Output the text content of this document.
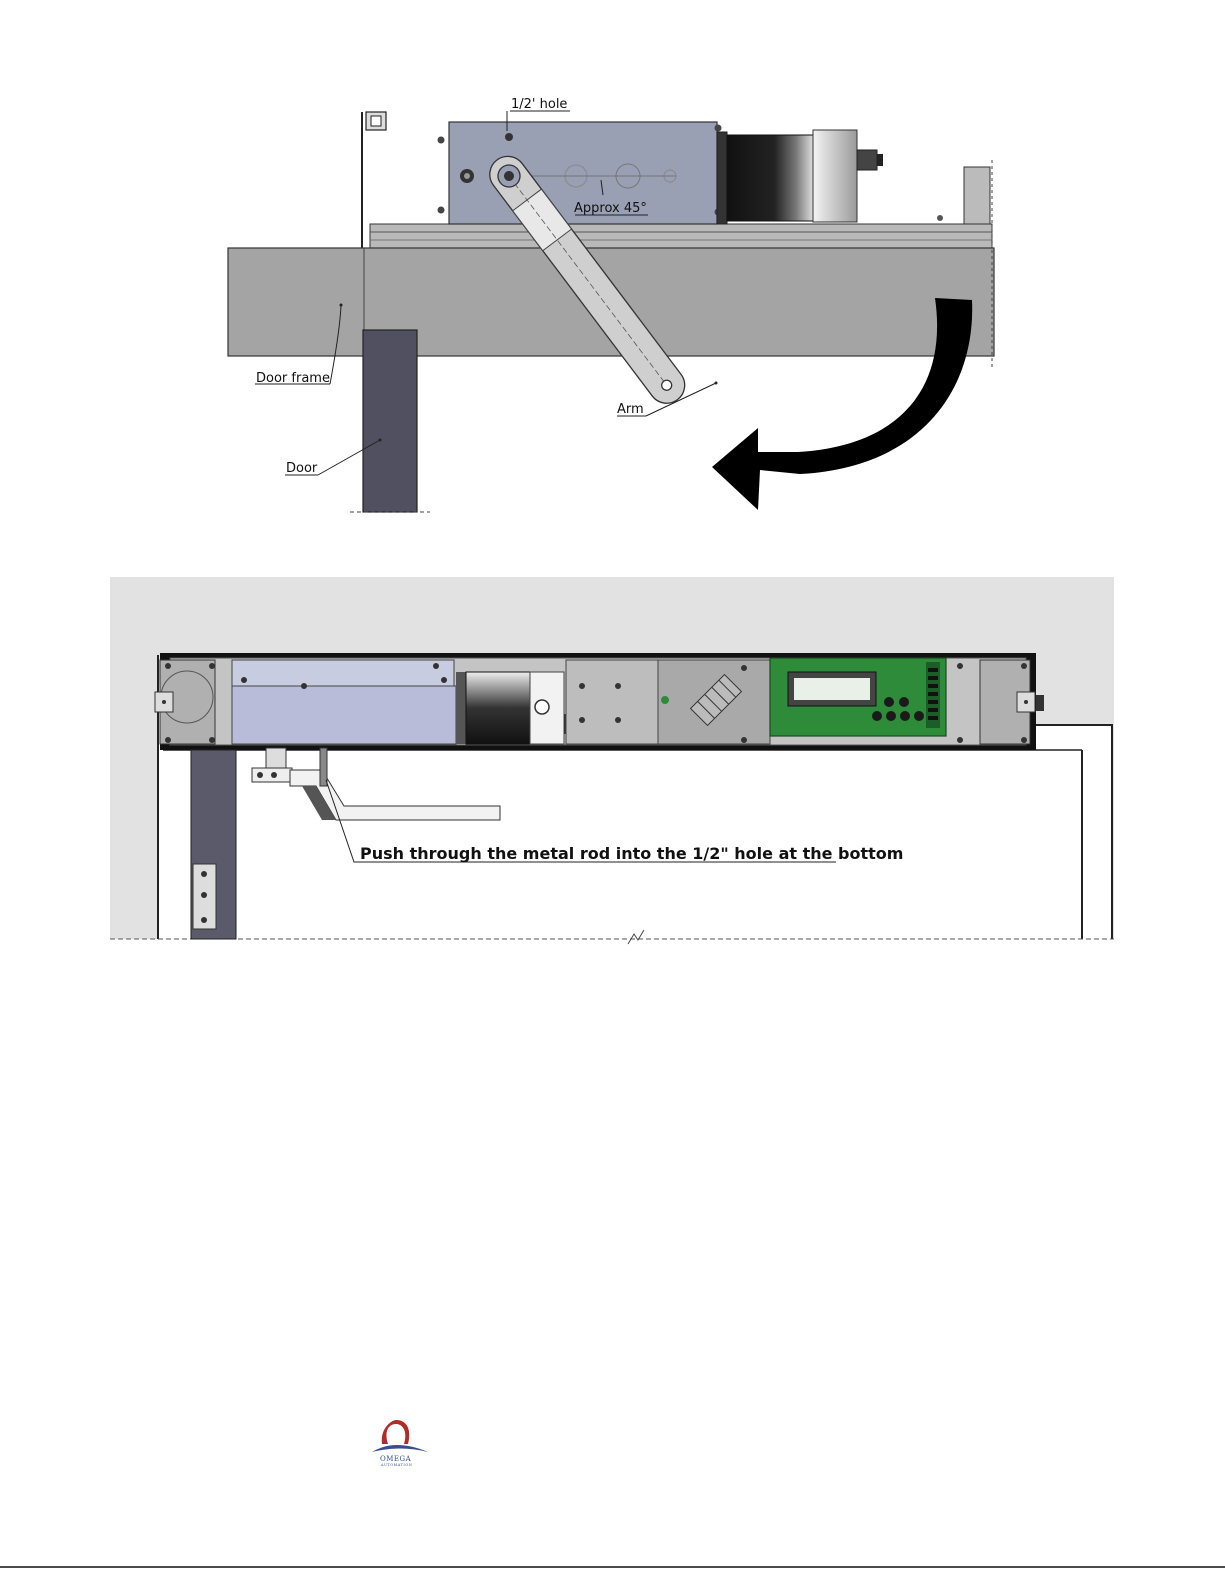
1/2' hole
Approx 45°
Door frame
Arm
Door
Push through the metal rod into the 1/2" hole at the bottom
OMEGA
AUTOMATION
